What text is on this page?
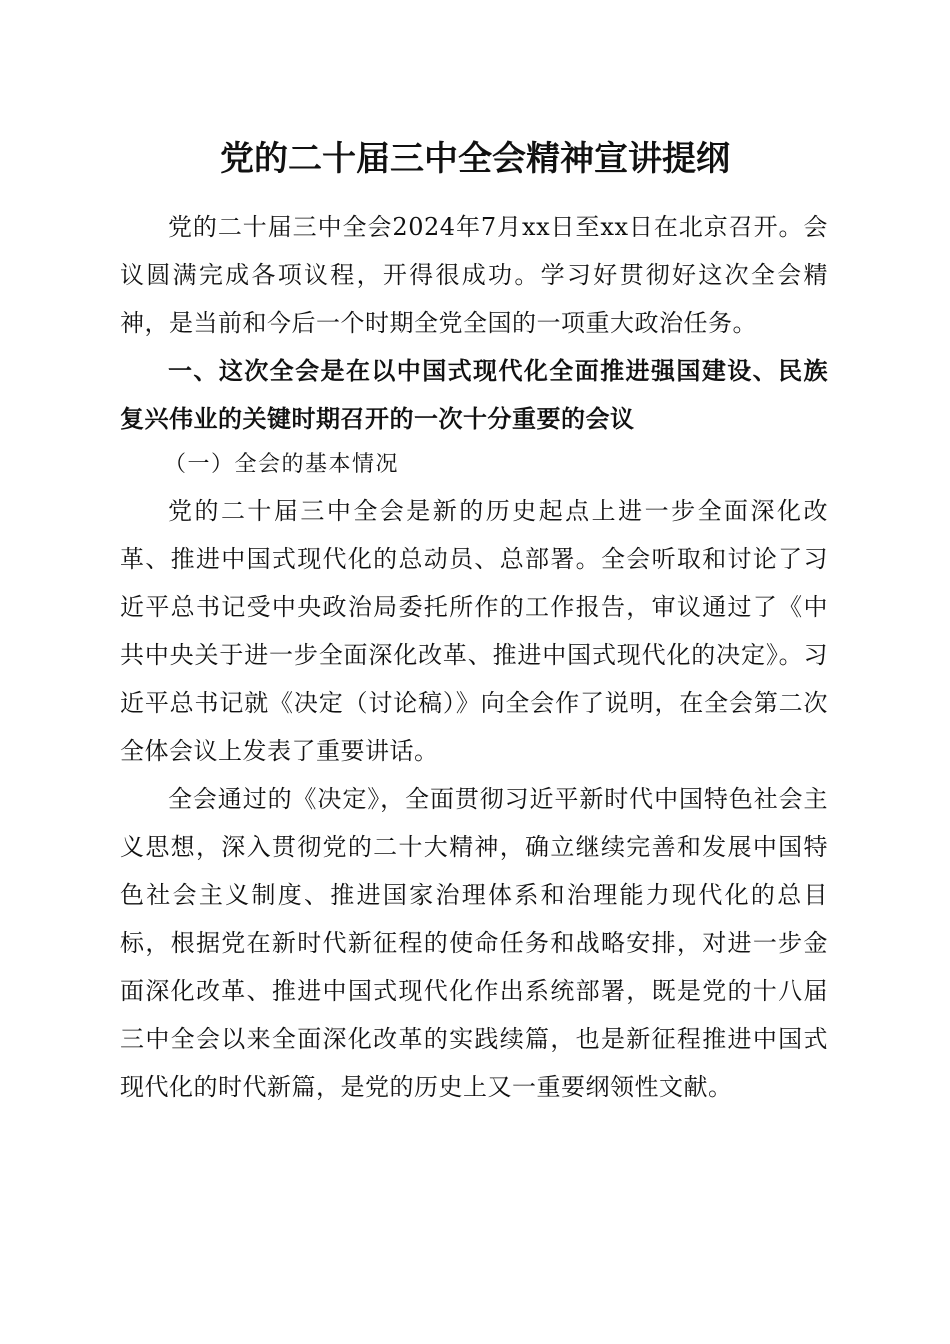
党的二十届三中全会精神宣讲提纲

党的二十届三中全会2024年7月xx日至xx日在北京召开。会议圆满完成各项议程，开得很成功。学习好贯彻好这次全会精神，是当前和今后一个时期全党全国的一项重大政治任务。

一、这次全会是在以中国式现代化全面推进强国建设、民族复兴伟业的关键时期召开的一次十分重要的会议

（一）全会的基本情况

党的二十届三中全会是新的历史起点上进一步全面深化改革、推进中国式现代化的总动员、总部署。全会听取和讨论了习近平总书记受中央政治局委托所作的工作报告，审议通过了《中共中央关于进一步全面深化改革、推进中国式现代化的决定》。习近平总书记就《决定（讨论稿）》向全会作了说明，在全会第二次全体会议上发表了重要讲话。

全会通过的《决定》，全面贯彻习近平新时代中国特色社会主义思想，深入贯彻党的二十大精神，确立继续完善和发展中国特色社会主义制度、推进国家治理体系和治理能力现代化的总目标，根据党在新时代新征程的使命任务和战略安排，对进一步金面深化改革、推进中国式现代化作出系统部署，既是党的十八届三中全会以来全面深化改革的实践续篇，也是新征程推进中国式现代化的时代新篇，是党的历史上又一重要纲领性文献。
